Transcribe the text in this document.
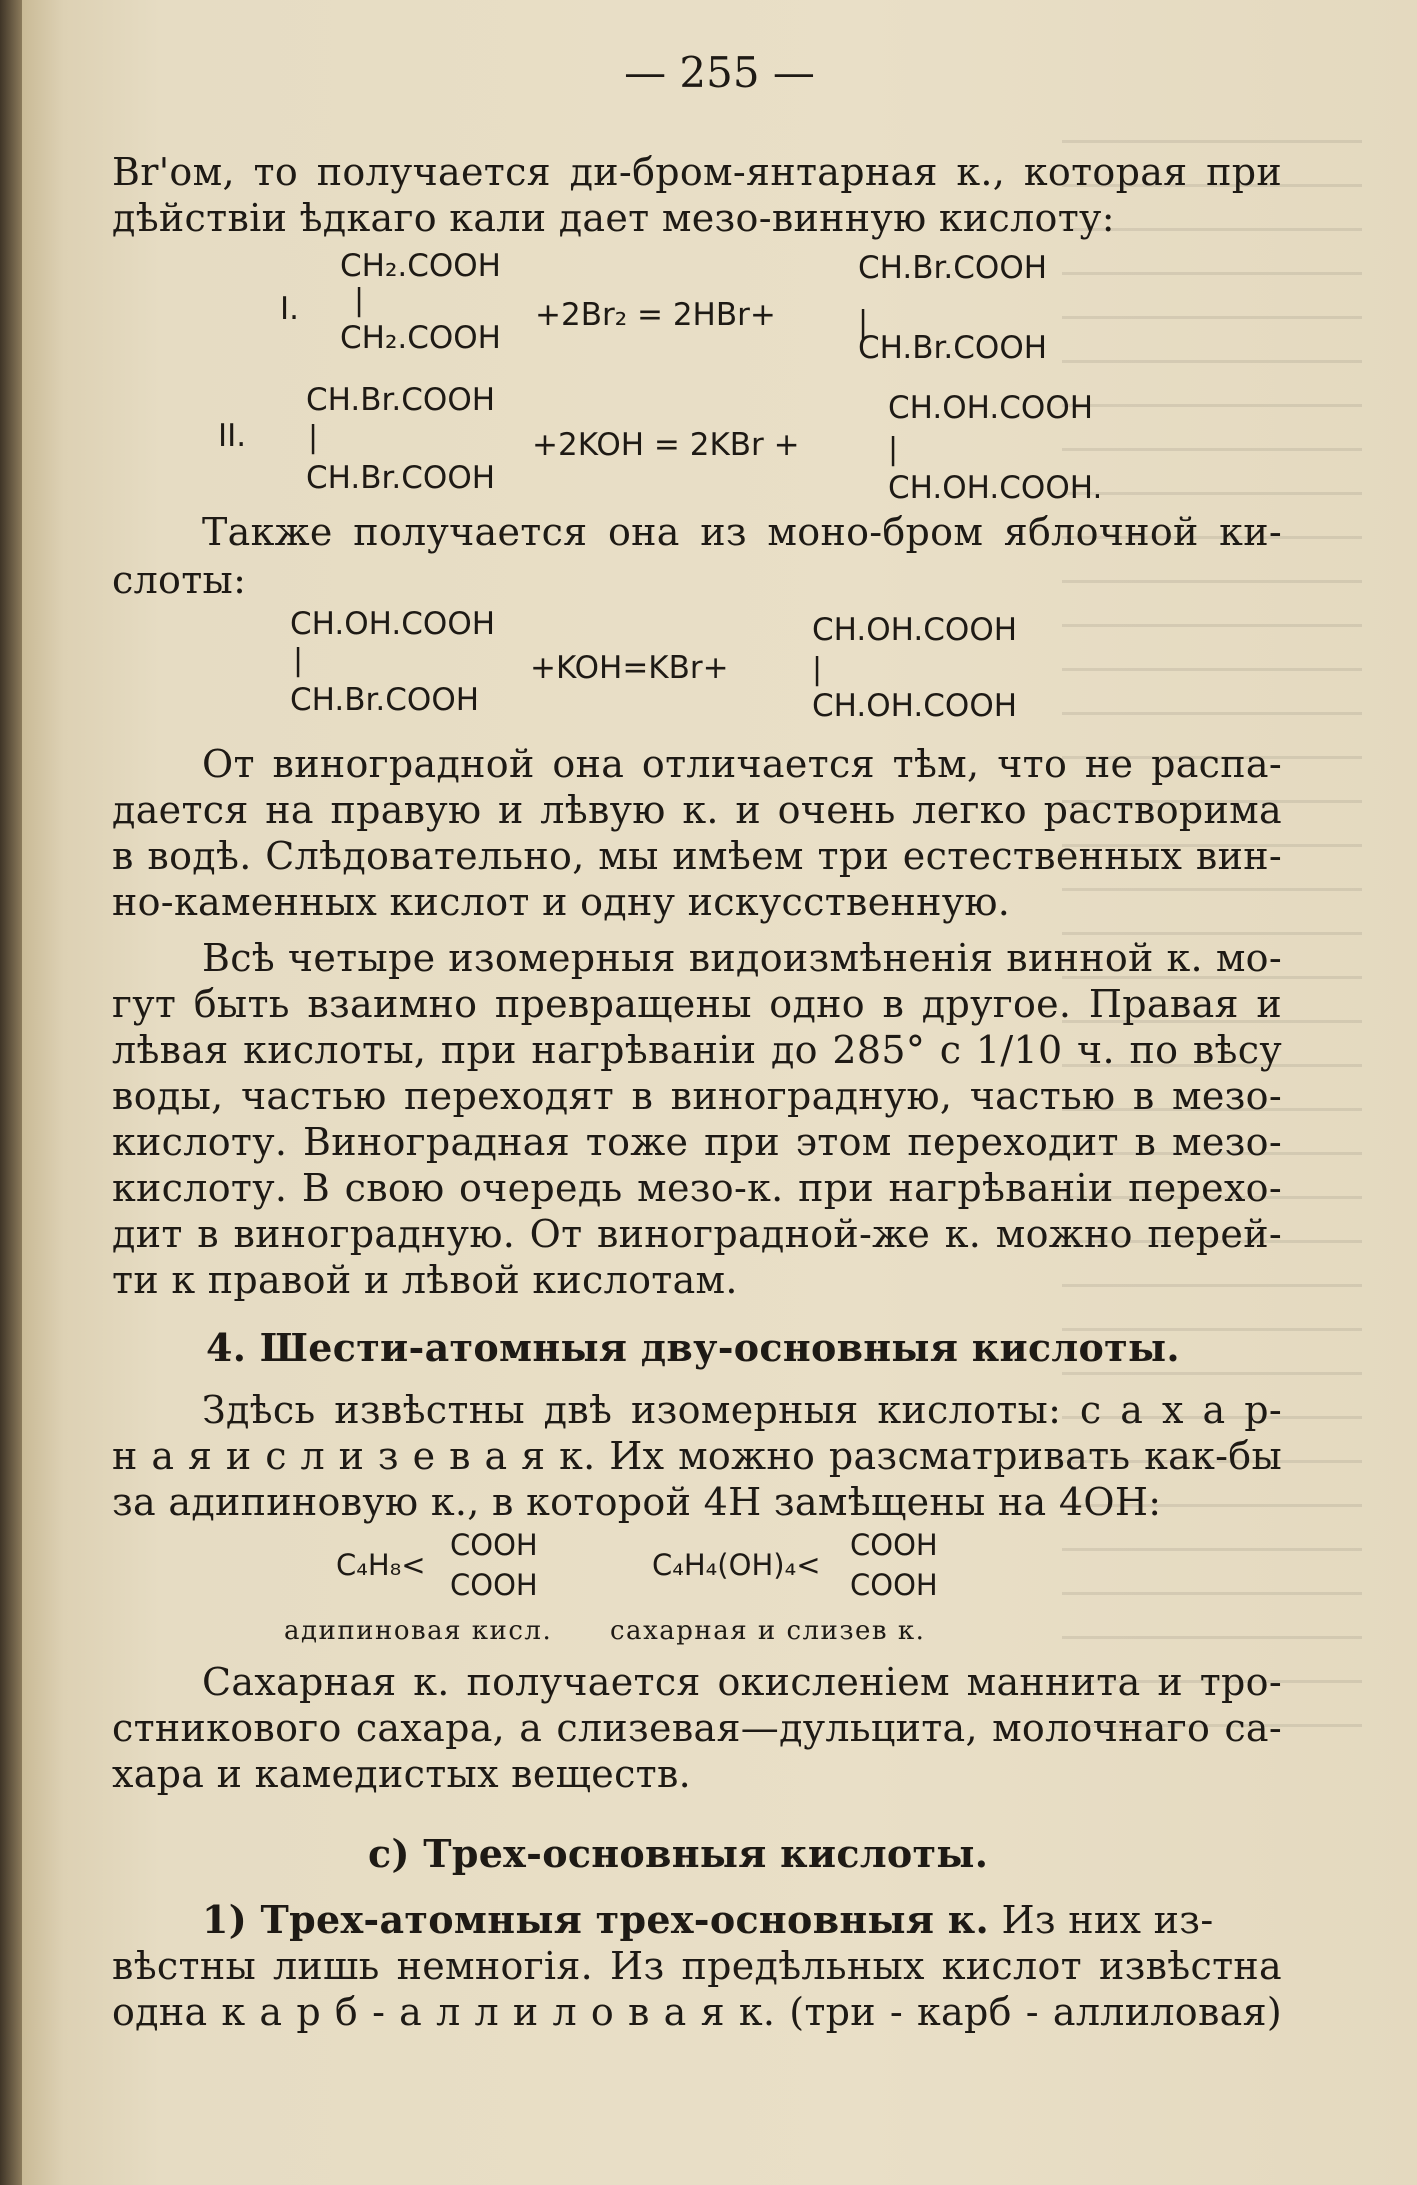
— 255 —
Вr'ом, то получается ди-бром-янтарная к., которая при
дѣйствіи ѣдкаго кали дает мезо-винную кислоту:
I.
CH₂.COOH
|
CH₂.COOH
+2Br₂ = 2HBr+	|
CH.Br.COOH
CH.Br.COOH
II.
CH.Br.COOH
|
CH.Br.COOH
+2KOH = 2KBr +	|
CH.OH.COOH
CH.OH.COOH.
Также получается она из моно-бром яблочной ки-
слоты:
CH.OH.COOH
|
CH.Br.COOH
+KOH=KBr+	|
CH.OH.COOH
CH.OH.COOH
От виноградной она отличается тѣм, что не распа-
дается на правую и лѣвую к. и очень легко растворима
в водѣ. Слѣдовательно, мы имѣем три естественных вин-
но-каменных кислот и одну искусственную.
Всѣ четыре изомерныя видоизмѣненія винной к. мо-
гут быть взаимно превращены одно в другое. Правая и
лѣвая кислоты, при нагрѣваніи до 285° с 1/10 ч. по вѣсу
воды, частью переходят в виноградную, частью в мезо-
кислоту. Виноградная тоже при этом переходит в мезо-
кислоту. В свою очередь мезо-к. при нагрѣваніи перехо-
дит в виноградную. От виноградной-же к. можно перей-
ти к правой и лѣвой кислотам.
4. Шести-атомныя дву-основныя кислоты.
Здѣсь извѣстны двѣ изомерныя кислоты: с а х а р-
н а я и с л и з е в а я к. Их можно разсматривать как-бы
за адипиновую к., в которой 4H замѣщены на 4OH:
C₄H₈<
COOH
COOH
адипиновая кисл.
C₄H₄(OH)₄<
COOH
COOH
сахарная и слизев к.
Сахарная к. получается окисленіем маннита и тро-
стникового сахара, а слизевая—дульцита, молочнаго са-
хара и камедистых веществ.
c) Трех-основныя кислоты.
1) Трех-атомныя трех-основныя к. Из них из-
вѣстны лишь немногія. Из предѣльных кислот извѣстна
одна к а р б - а л л и л о в а я к. (три - карб - аллиловая)
